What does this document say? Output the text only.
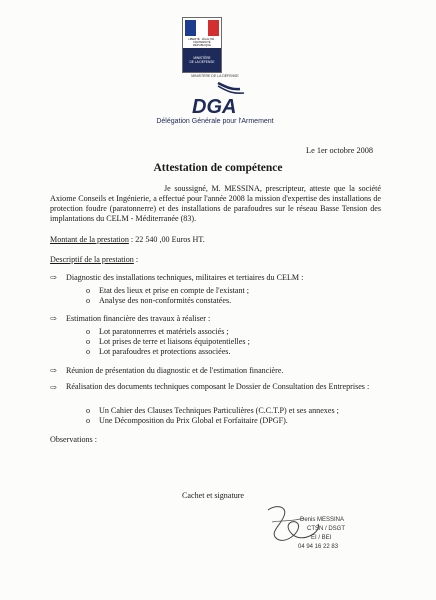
LIBERTÉ · ÉGALITÉ · FRATERNITÉ RÉPUBLIQUE
MINISTÈRE
DE LA DÉFENSE
MINISTÈRE DE LA DÉFENSE
DGA
Délégation Générale pour l'Armement
Le 1er octobre 2008
Attestation de compétence
Je soussigné, M. MESSINA, prescripteur, atteste que la société Axiome Conseils et Ingénierie, a effectué pour l'année 2008 la mission d'expertise des installations de protection foudre (paratonnerre) et des installations de parafoudres sur le réseau Basse Tension des implantations du CELM - Méditerranée (83).
Montant de la prestation : 22 540 ,00 Euros HT.
Descriptif de la prestation :
⇨ Diagnostic des installations techniques, militaires et tertiaires du CELM :
o Etat des lieux et prise en compte de l'existant ;
o Analyse des non-conformités constatées.
⇨ Estimation financière des travaux à réaliser :
o Lot paratonnerres et matériels associés ;
o Lot prises de terre et liaisons équipotentielles ;
o Lot parafoudres et protections associées.
⇨ Réunion de présentation du diagnostic et de l'estimation financière.
⇨ Réalisation des documents techniques composant le Dossier de Consultation des Entreprises :
o Un Cahier des Clauses Techniques Particulières (C.C.T.P) et ses annexes ;
o Une Décomposition du Prix Global et Forfaitaire (DPGF).
Observations :
Cachet et signature
Denis MESSINA
CTSN / DSGT
EI / BEI
04 94 16 22 83
